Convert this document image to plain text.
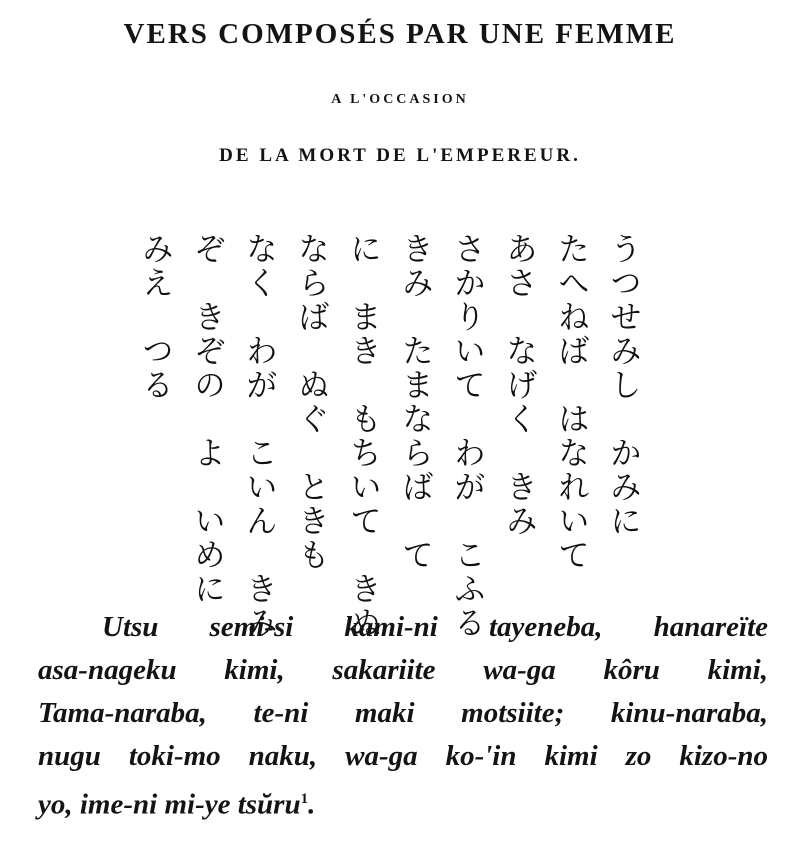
VERS COMPOSÉS PAR UNE FEMME
A L'OCCASION
DE LA MORT DE L'EMPEREUR.
うつせみし　かみに
たへねば　はなれいて
あさ　なげく　きみ
さかりいて　わが　こふる
きみ　たまならば　て
に　まき　もちいて　きぬ
ならば　ぬぐ　ときも
なく　わが　こいん　きみ
ぞ　きぞの　よ　いめに
みえ　つる
Utsu semi-si kami-ni tayeneba, hanareïte
asa-nageku kimi, sakariite wa-ga kôru kimi,
Tama-naraba, te-ni maki motsiite; kinu-naraba,
nugu toki-mo naku, wa-ga ko-'in kimi zo kizo-no
yo, ime-ni mi-ye tsŭru$^1$.
